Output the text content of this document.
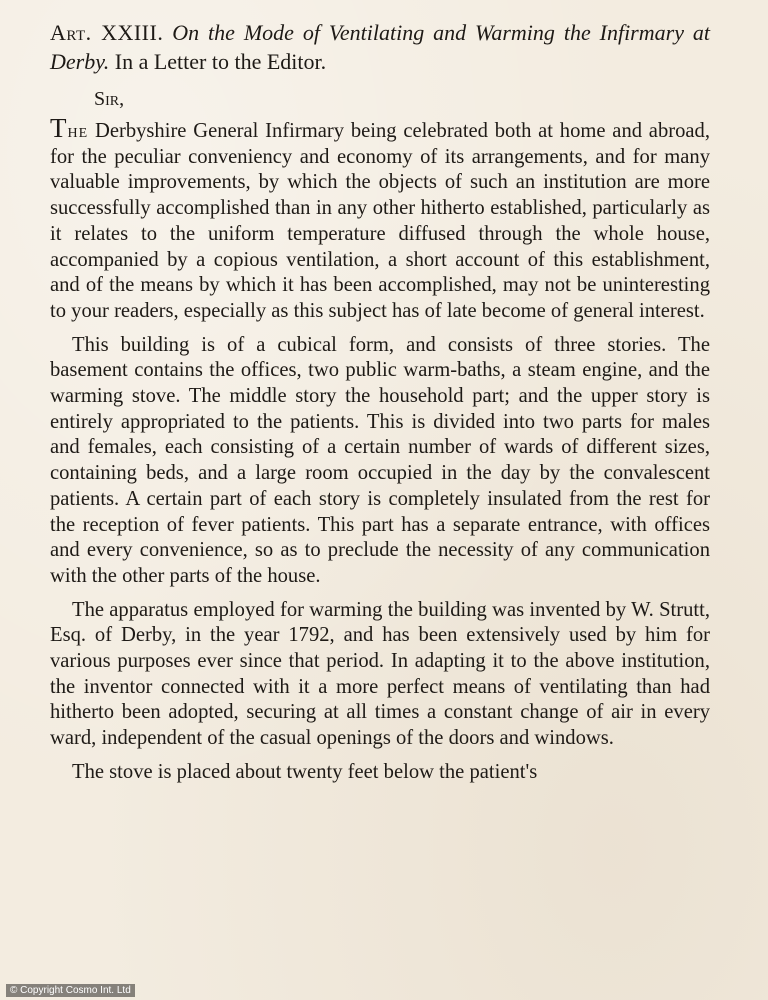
Art. XXIII. On the Mode of Ventilating and Warming the Infirmary at Derby. In a Letter to the Editor.

Sir,

The Derbyshire General Infirmary being celebrated both at home and abroad, for the peculiar conveniency and economy of its arrangements, and for many valuable improvements, by which the objects of such an institution are more successfully accomplished than in any other hitherto established, particularly as it relates to the uniform temperature diffused through the whole house, accompanied by a copious ventilation, a short account of this establishment, and of the means by which it has been accomplished, may not be uninteresting to your readers, especially as this subject has of late become of general interest.

This building is of a cubical form, and consists of three stories. The basement contains the offices, two public warm-baths, a steam engine, and the warming stove. The middle story the household part; and the upper story is entirely appropriated to the patients. This is divided into two parts for males and females, each consisting of a certain number of wards of different sizes, containing beds, and a large room occupied in the day by the convalescent patients. A certain part of each story is completely insulated from the rest for the reception of fever patients. This part has a separate entrance, with offices and every convenience, so as to preclude the necessity of any communication with the other parts of the house.

The apparatus employed for warming the building was invented by W. Strutt, Esq. of Derby, in the year 1792, and has been extensively used by him for various purposes ever since that period. In adapting it to the above institution, the inventor connected with it a more perfect means of ventilating than had hitherto been adopted, securing at all times a constant change of air in every ward, independent of the casual openings of the doors and windows.

The stove is placed about twenty feet below the patient's

© Copyright Cosmo Int. Ltd
